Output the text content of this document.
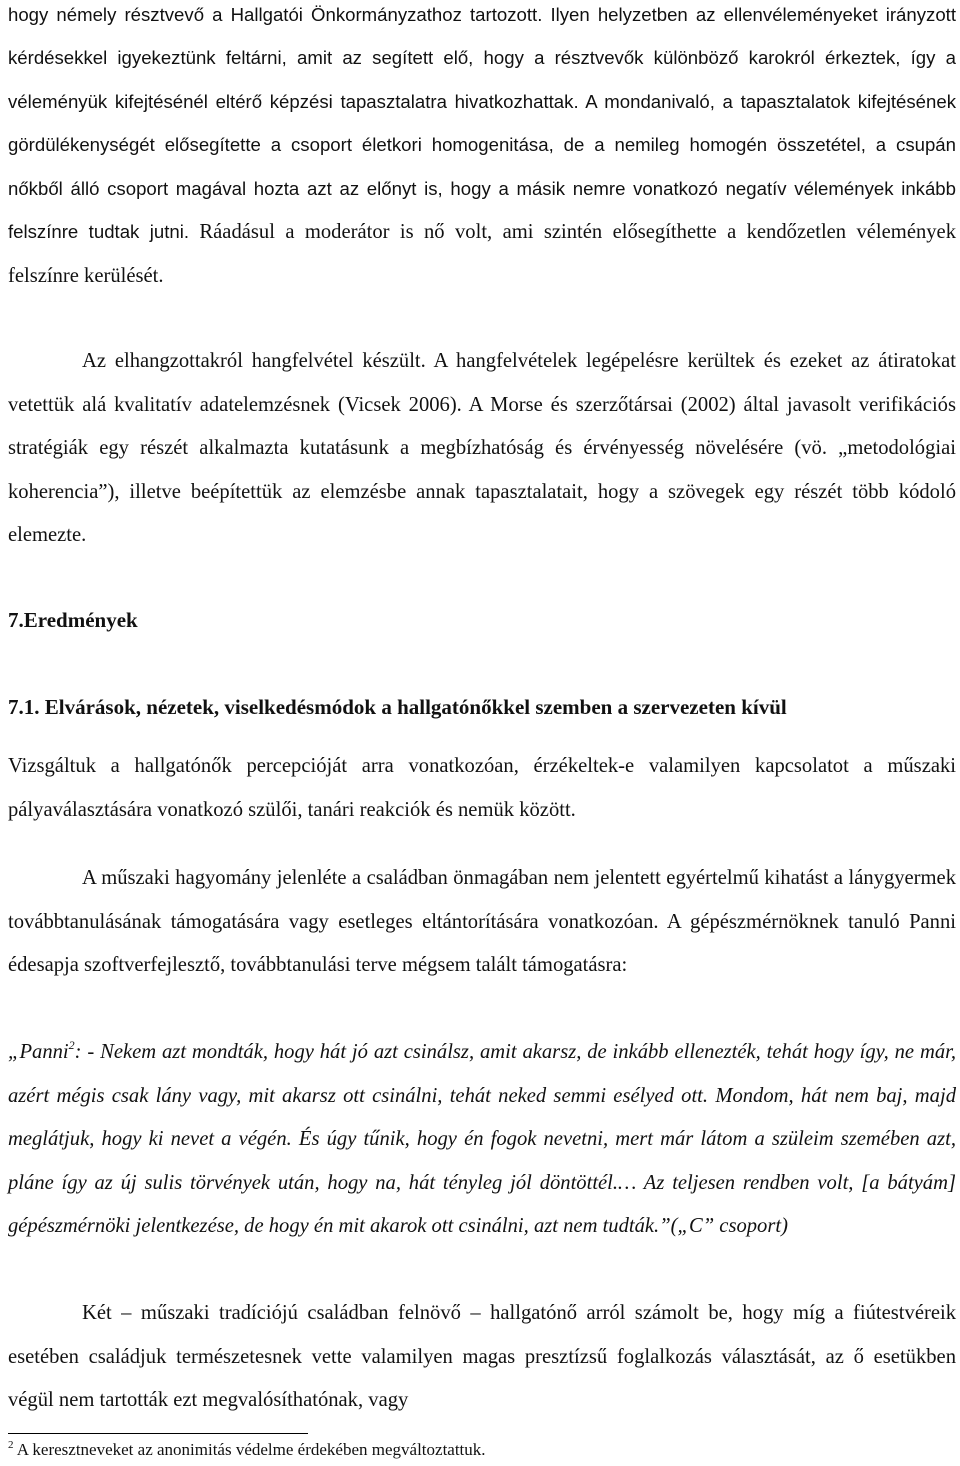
hogy némely résztvevő a Hallgatói Önkormányzathoz tartozott. Ilyen helyzetben az ellenvéleményeket irányzott kérdésekkel igyekeztünk feltárni, amit az segített elő, hogy a résztvevők különböző karokról érkeztek, így a véleményük kifejtésénél eltérő képzési tapasztalatra hivatkozhattak. A mondanivaló, a tapasztalatok kifejtésének gördülékenységét elősegítette a csoport életkori homogenitása, de a nemileg homogén összetétel, a csupán nőkből álló csoport magával hozta azt az előnyt is, hogy a másik nemre vonatkozó negatív vélemények inkább felszínre tudtak jutni. Ráadásul a moderátor is nő volt, ami szintén elősegíthette a kendőzetlen vélemények felszínre kerülését.

Az elhangzottakról hangfelvétel készült. A hangfelvételek legépelésre kerültek és ezeket az átiratokat vetettük alá kvalitatív adatelemzésnek (Vicsek 2006). A Morse és szerzőtársai (2002) által javasolt verifikációs stratégiák egy részét alkalmazta kutatásunk a megbízhatóság és érvényesség növelésére (vö. „metodológiai koherencia”), illetve beépítettük az elemzésbe annak tapasztalatait, hogy a szövegek egy részét több kódoló elemezte.

7.Eredmények
7.1. Elvárások, nézetek, viselkedésmódok a hallgatónőkkel szemben a szervezeten kívül

Vizsgáltuk a hallgatónők percepcióját arra vonatkozóan, érzékeltek-e valamilyen kapcsolatot a műszaki pályaválasztására vonatkozó szülői, tanári reakciók és nemük között.

A műszaki hagyomány jelenléte a családban önmagában nem jelentett egyértelmű kihatást a lánygyermek továbbtanulásának támogatására vagy esetleges eltántorítására vonatkozóan. A gépészmérnöknek tanuló Panni édesapja szoftverfejlesztő, továbbtanulási terve mégsem talált támogatásra:

„Panni$^2$: - Nekem azt mondták, hogy hát jó azt csinálsz, amit akarsz, de inkább ellenezték, tehát hogy így, ne már, azért mégis csak lány vagy, mit akarsz ott csinálni, tehát neked semmi esélyed ott. Mondom, hát nem baj, majd meglátjuk, hogy ki nevet a végén. És úgy tűnik, hogy én fogok nevetni, mert már látom a szüleim szemében azt, pláne így az új sulis törvények után, hogy na, hát tényleg jól döntöttél.… Az teljesen rendben volt, [a bátyám] gépészmérnöki jelentkezése, de hogy én mit akarok ott csinálni, azt nem tudták.”(„C” csoport)

Két – műszaki tradíciójú családban felnövő – hallgatónő arról számolt be, hogy míg a fiútestvéreik esetében családjuk természetesnek vette valamilyen magas presztízsű foglalkozás választását, az ő esetükben végül nem tartották ezt megvalósíthatónak, vagy

$^2$ A keresztneveket az anonimitás védelme érdekében megváltoztattuk.
